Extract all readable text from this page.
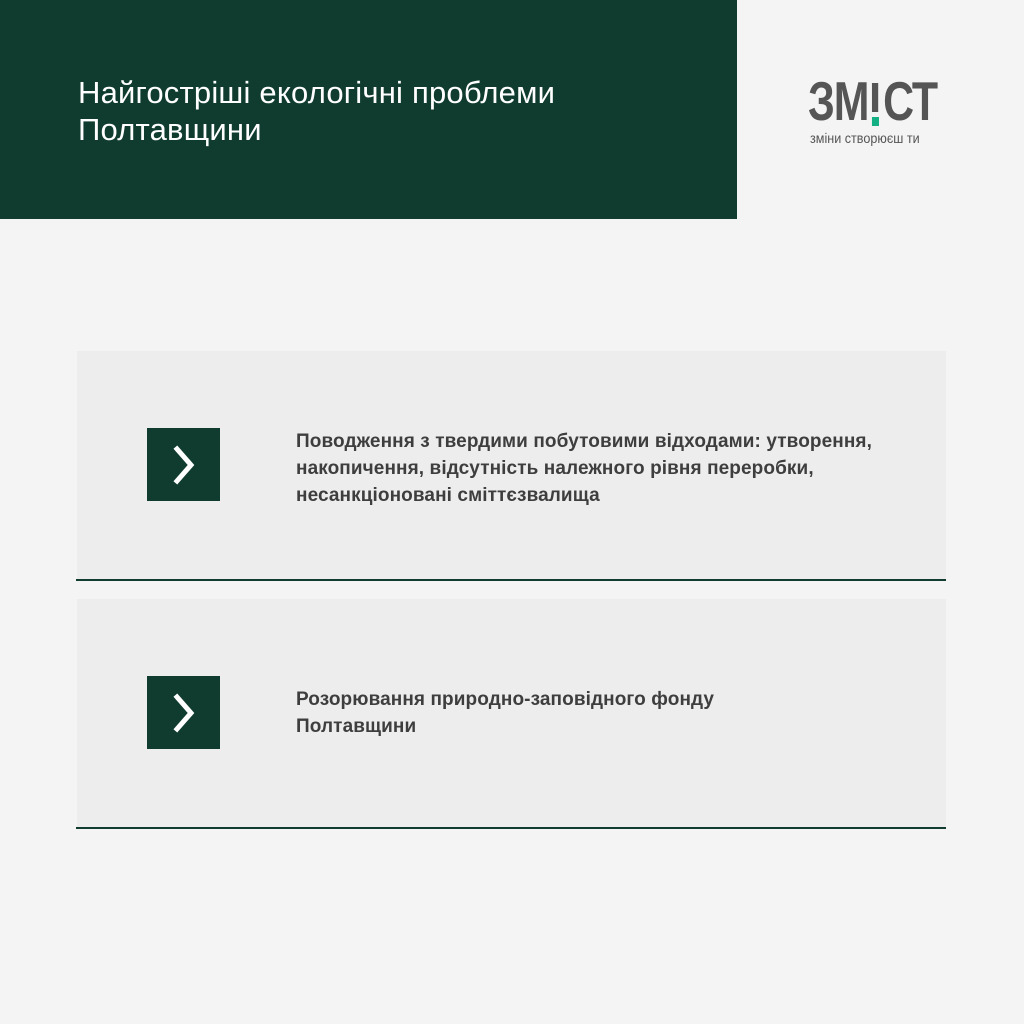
Найгостріші екологічні проблеми Полтавщини	ЗМ СТ
зміни створюєш ти

Поводження з твердими побутовими відходами: утворення, накопичення, відсутність належного рівня переробки, несанкціоновані сміттєзвалища

Розорювання природно-заповідного фонду Полтавщини
